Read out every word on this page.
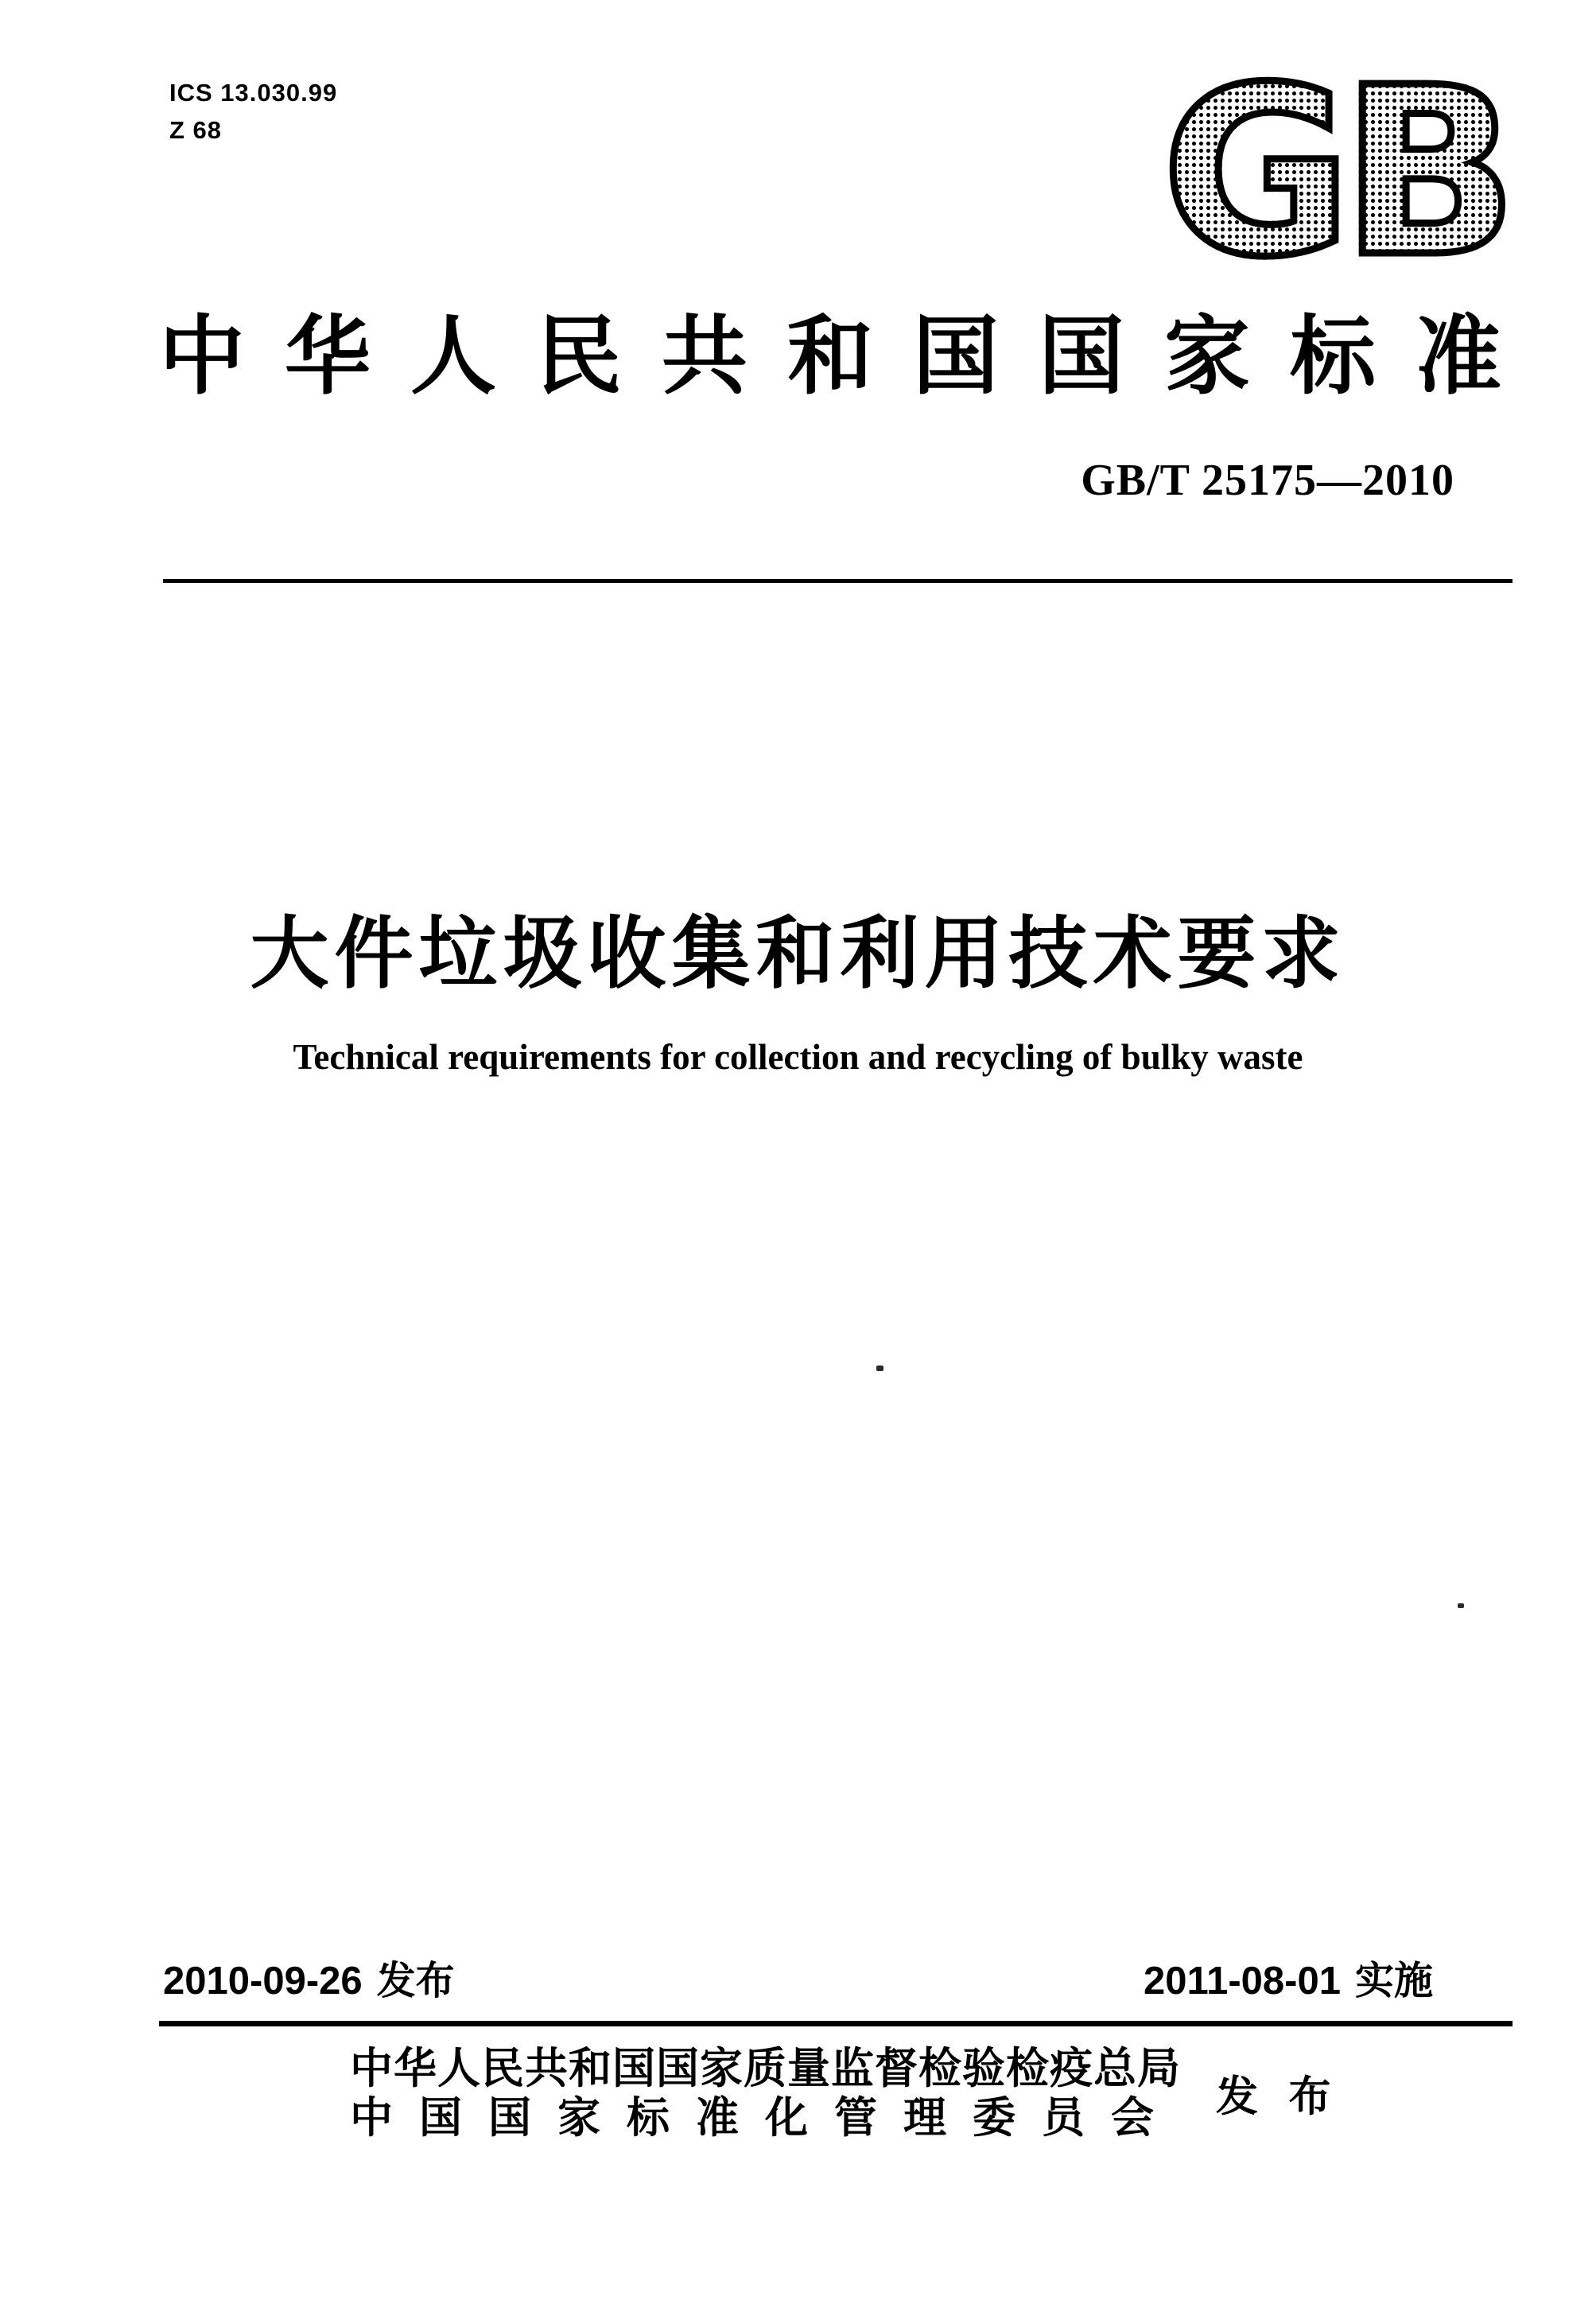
ICS 13.030.99
Z 68	GB
中华人民共和国国家标准
GB/T 25175—2010
大件垃圾收集和利用技术要求
Technical requirements for collection and recycling of bulky waste
2010-09-26 发布	2011-08-01 实施
中华人民共和国国家质量监督检验检疫总局
中国国家标准化管理委员会 发 布
